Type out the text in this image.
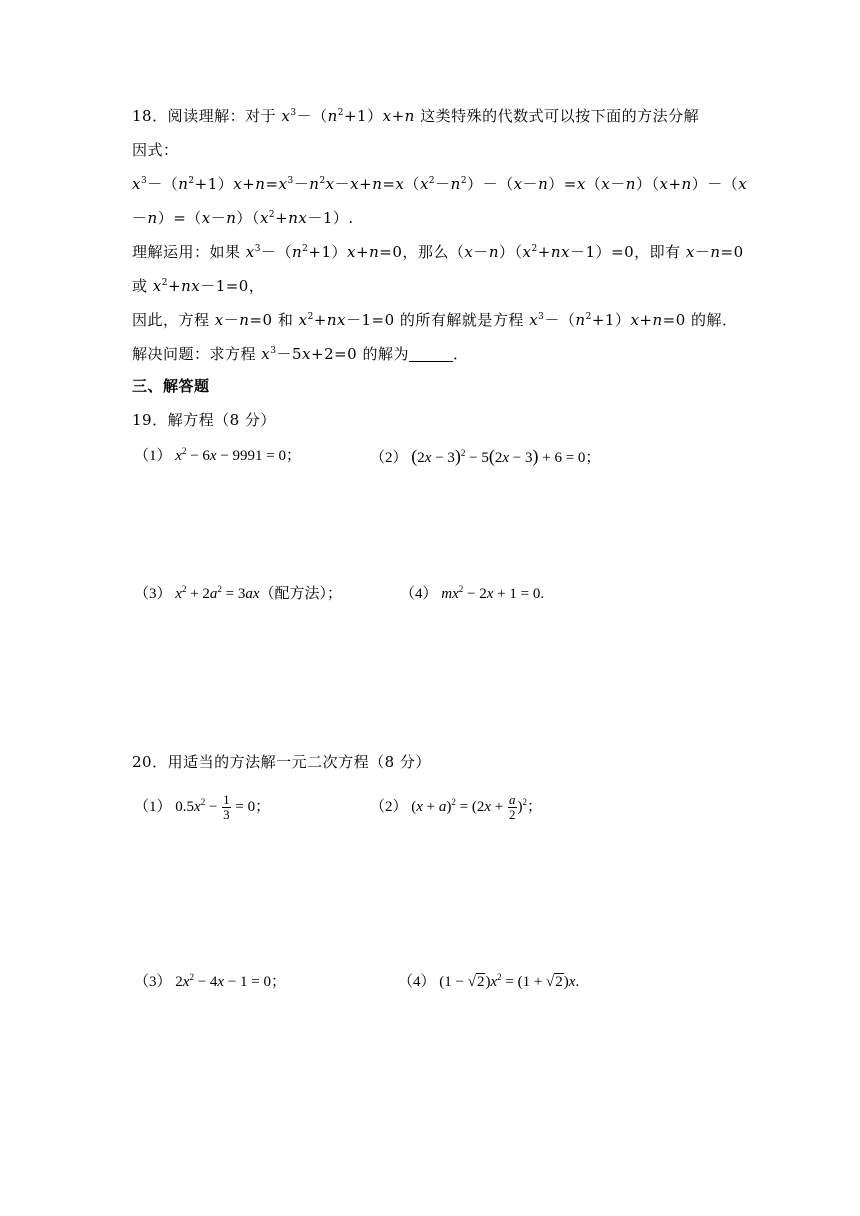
18．阅读理解：对于 $x^3-(n^2+1)x+n$ 这类特殊的代数式可以按下面的方法分解
因式：
$x^3-(n^2+1)x+n=x^3-n^2x-x+n=x(x^2-n^2)-(x-n)=x(x-n)(x+n)-(x$
$-n)=(x-n)(x^2+nx-1)$.
理解运用：如果 $x^3-(n^2+1)x+n=0$，那么$(x-n)(x^2+nx-1)=0$，即有 x－n=0
或 $x^2+nx-1=0$，
因此，方程 x－n=0 和 $x^2+nx-1=0$ 的所有解就是方程 $x^3-(n^2+1)x+n=0$ 的解．
解决问题：求方程 $x^3-5x+2=0$ 的解为	．
三、解答题
19．解方程（8 分）
（1） $x^2 - 6x - 9991 = 0$；	（2） $(2x - 3)^2 - 5(2x - 3) + 6 = 0$；
（3） $x^2 + 2a^2 = 3ax$（配方法）；	（4） $mx^2 - 2x + 1 = 0$.
20．用适当的方法解一元二次方程（8 分）
（1） $0.5x^2 - \frac{1}{3} = 0$；	（2） $(x + a)^2 = (2x + \frac{a}{2} )^2$；
（3） $2x^2 - 4x - 1 = 0$；	（4） $(1 - √2)x^2 = (1 + √2)x$.
